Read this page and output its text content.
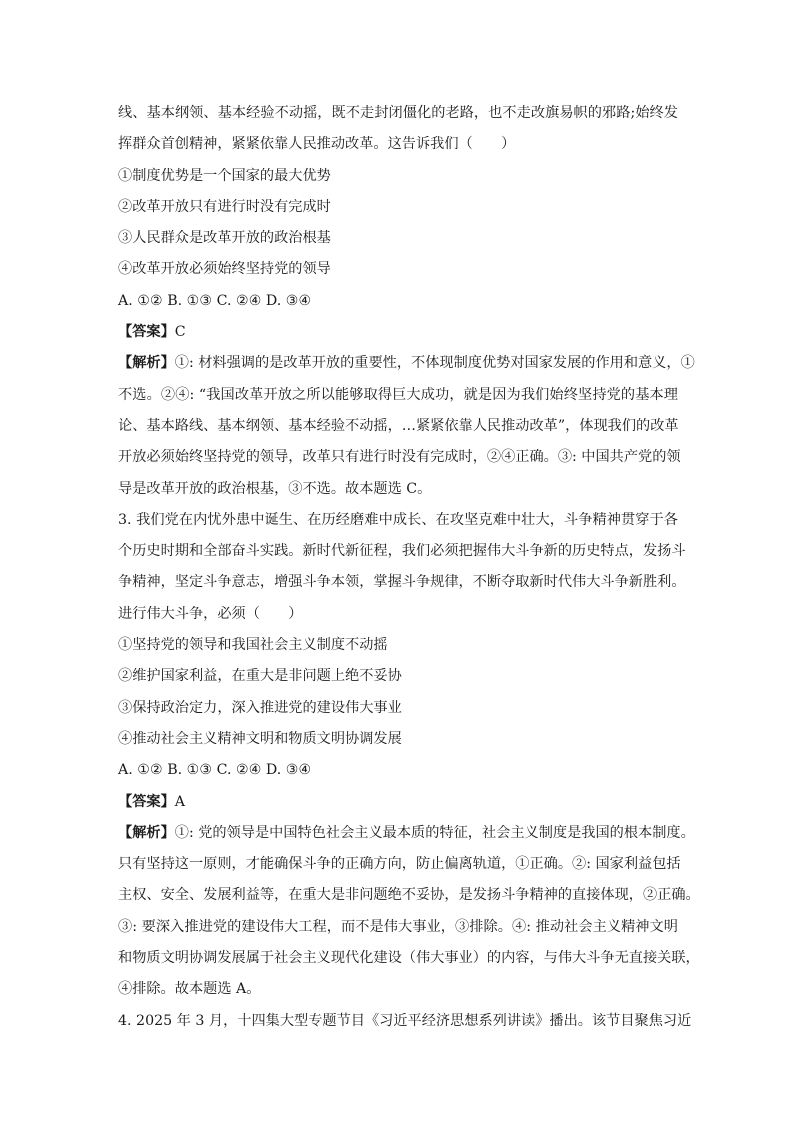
线、基本纲领、基本经验不动摇，既不走封闭僵化的老路，也不走改旗易帜的邪路;始终发
挥群众首创精神，紧紧依靠人民推动改革。这告诉我们（　　）
①制度优势是一个国家的最大优势
②改革开放只有进行时没有完成时
③人民群众是改革开放的政治根基
④改革开放必须始终坚持党的领导
A. ①② B. ①③ C. ②④ D. ③④
【答案】C
【解析】①: 材料强调的是改革开放的重要性，不体现制度优势对国家发展的作用和意义，①
不选。②④: “我国改革开放之所以能够取得巨大成功，就是因为我们始终坚持党的基本理
论、基本路线、基本纲领、基本经验不动摇，…紧紧依靠人民推动改革”，体现我们的改革
开放必须始终坚持党的领导，改革只有进行时没有完成时，②④正确。③: 中国共产党的领
导是改革开放的政治根基，③不选。故本题选 C。
3. 我们党在内忧外患中诞生、在历经磨难中成长、在攻坚克难中壮大，斗争精神贯穿于各
个历史时期和全部奋斗实践。新时代新征程，我们必须把握伟大斗争新的历史特点，发扬斗
争精神，坚定斗争意志，增强斗争本领，掌握斗争规律，不断夺取新时代伟大斗争新胜利。
进行伟大斗争，必须（　　）
①坚持党的领导和我国社会主义制度不动摇
②维护国家利益，在重大是非问题上绝不妥协
③保持政治定力，深入推进党的建设伟大事业
④推动社会主义精神文明和物质文明协调发展
A. ①② B. ①③ C. ②④ D. ③④
【答案】A
【解析】①: 党的领导是中国特色社会主义最本质的特征，社会主义制度是我国的根本制度。
只有坚持这一原则，才能确保斗争的正确方向，防止偏离轨道，①正确。②: 国家利益包括
主权、安全、发展利益等，在重大是非问题绝不妥协，是发扬斗争精神的直接体现，②正确。
③: 要深入推进党的建设伟大工程，而不是伟大事业，③排除。④: 推动社会主义精神文明
和物质文明协调发展属于社会主义现代化建设（伟大事业）的内容，与伟大斗争无直接关联，
④排除。故本题选 A。
4. 2025 年 3 月，十四集大型专题节目《习近平经济思想系列讲读》播出。该节目聚焦习近
